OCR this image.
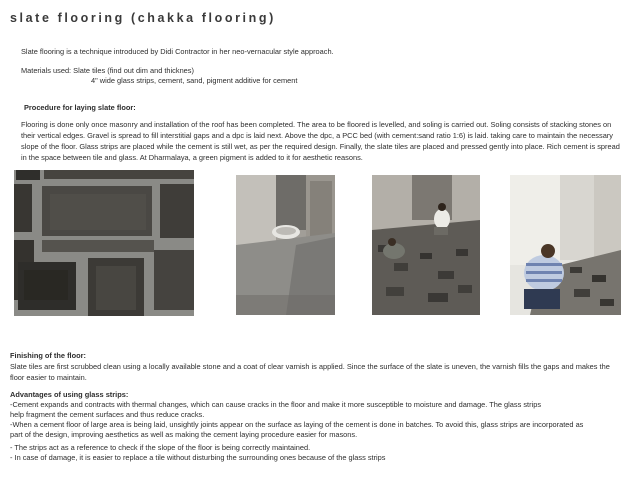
slate flooring (chakka flooring)
Slate flooring is a technique introduced by Didi Contractor in her neo-vernacular style approach.
Materials used: Slate tiles (find out dim and thicknes)
4" wide glass strips, cement, sand, pigment additive for cement
Procedure for laying slate floor:
Flooring is done only once masonry and installation of the roof has been completed. The area to be floored is levelled, and soling is carried out. Soling consists of stacking stones on
their vertical edges. Gravel is spread to fill interstitial gaps and a dpc is laid next. Above the dpc, a PCC bed (with cement:sand ratio 1:6) is laid. taking care to maintain the necessary
slope of the floor. Glass strips are placed while the cement is still wet, as per the required design. Finally, the slate tiles are placed and pressed gently into place. Rich cement is spread
in the space between tile and glass. At Dharmalaya, a green pigment is added to it for aesthetic reasons.
Finishing of the floor:
Slate tiles are first scrubbed clean using a locally available stone and a coat of clear varnish is applied. Since the surface of the slate is uneven, the varnish fills the gaps and makes the
floor easier to maintain.
Advantages of using glass strips:
-Cement expands and contracts with thermal changes, which can cause cracks in the floor and make it more susceptible to moisture and damage. The glass strips
help fragment the cement surfaces and thus reduce cracks.
-When a cement floor of large area is being laid, unsightly joints appear on the surface as laying of the cement is done in batches. To avoid this, glass strips are incorporated as
part of the design, improving aesthetics as well as making the cement laying procedure easier for masons.
- The strips act as a reference to check if the slope of the floor is being correctly maintained.
- In case of damage, it is easier to replace a tile without disturbing the surrounding ones because of the glass strips
